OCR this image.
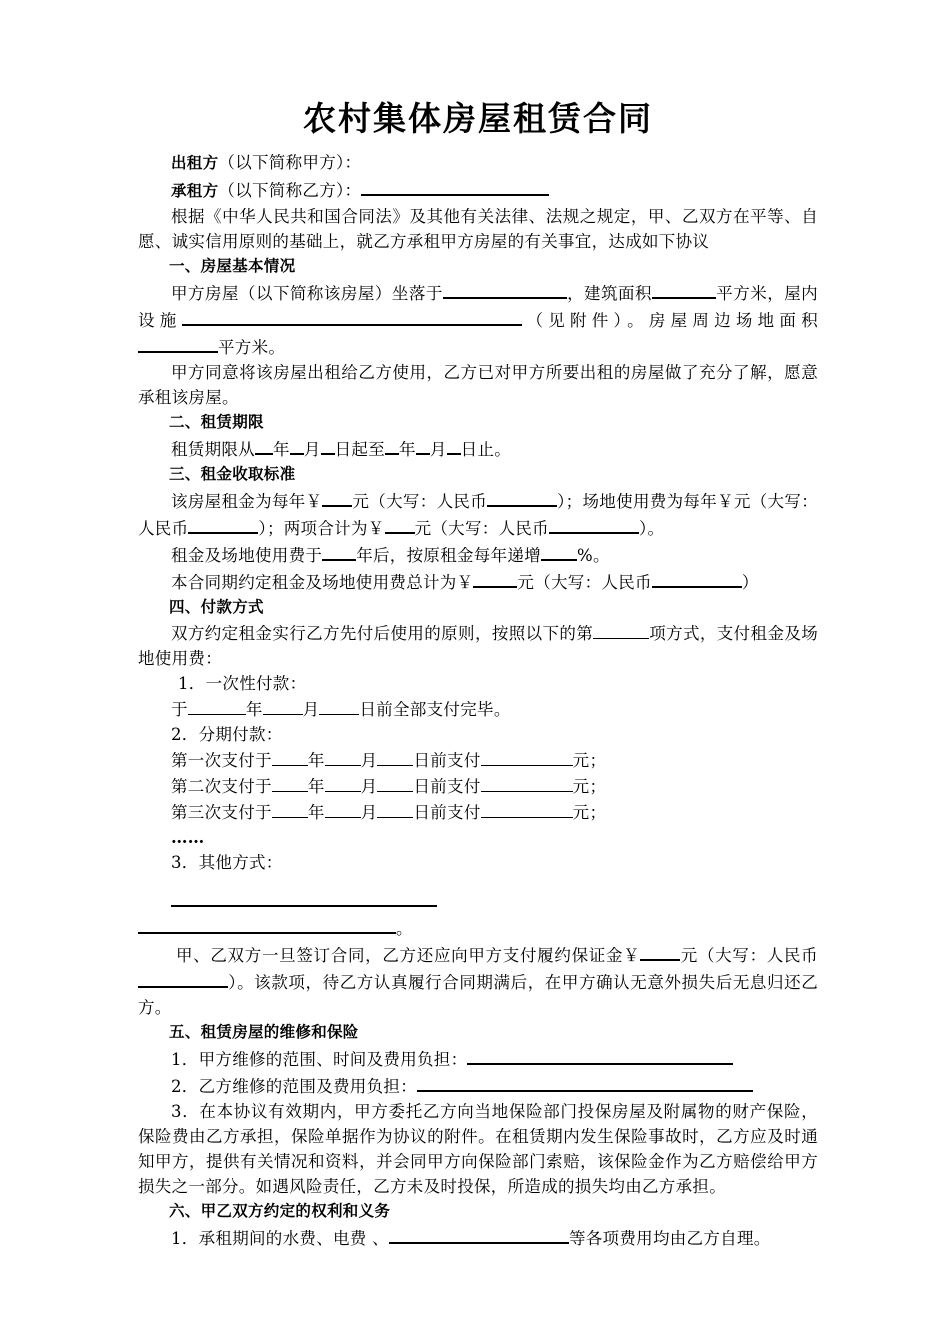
农村集体房屋租赁合同

出租方（以下简称甲方）：

承租方（以下简称乙方）：

根据《中华人民共和国合同法》及其他有关法律、法规之规定，甲、乙双方在平等、自愿、诚实信用原则的基础上，就乙方承租甲方房屋的有关事宜，达成如下协议

一、房屋基本情况

甲方房屋（以下简称该房屋）坐落于	，建筑面积	平方米，屋内设施	（见附件）。房屋周边场地面积平方米。

甲方同意将该房屋出租给乙方使用，乙方已对甲方所要出租的房屋做了充分了解，愿意承租该房屋。

二、租赁期限

租赁期限从 年 月 日起至 年 月 日止。

三、租金收取标准

该房屋租金为每年￥ 元（大写：人民币	）；场地使用费为每年￥元（大写：人民币	）；两项合计为￥ 元（大写：人民币	）。

租金及场地使用费于 年后，按原租金每年递增 %。

本合同期约定租金及场地使用费总计为￥	元（大写：人民币	）

四、付款方式

双方约定租金实行乙方先付后使用的原则，按照以下的第	项方式，支付租金及场地使用费：

1．一次性付款：

于	年 月 日前全部支付完毕。

2．分期付款：

第一次支付于 年 月 日前支付	元；

第二次支付于 年 月 日前支付	元；

第三次支付于 年 月 日前支付	元；

……

3．其他方式：

。

甲、乙双方一旦签订合同，乙方还应向甲方支付履约保证金￥ 元（大写：人民币）。该款项，待乙方认真履行合同期满后，在甲方确认无意外损失后无息归还乙方。

五、租赁房屋的维修和保险

1．甲方维修的范围、时间及费用负担：

2．乙方维修的范围及费用负担：

3．在本协议有效期内，甲方委托乙方向当地保险部门投保房屋及附属物的财产保险，保险费由乙方承担，保险单据作为协议的附件。在租赁期内发生保险事故时，乙方应及时通知甲方，提供有关情况和资料，并会同甲方向保险部门索赔，该保险金作为乙方赔偿给甲方损失之一部分。如遇风险责任，乙方未及时投保，所造成的损失均由乙方承担。

六、甲乙双方约定的权利和义务

1．承租期间的水费、电费 、	等各项费用均由乙方自理。
